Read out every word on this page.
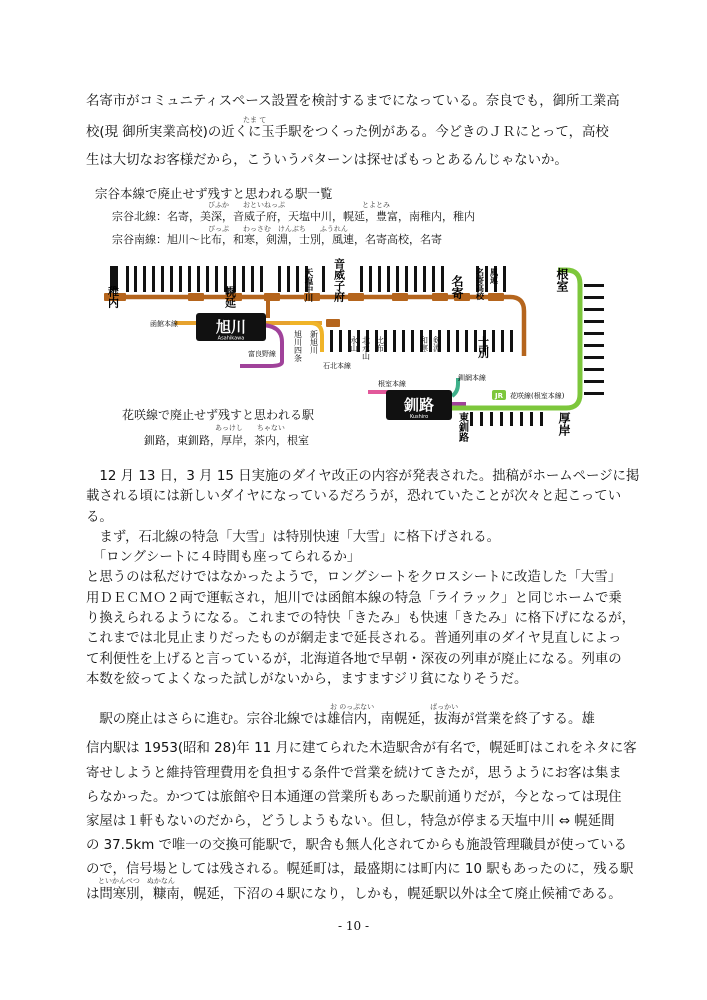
名寄市がコミュニティスペース設置を検討するまでになっている。奈良でも，御所工業高
たま て
校(現 御所実業高校)の近くに玉手駅をつくった例がある。今どきのＪＲにとって，高校
生は大切なお客様だから，こういうパターンは探せばもっとあるんじゃないか。
宗谷本線で廃止せず残すと思われる駅一覧
びふか　　おといねっぷ　　　　　　　　　　　とよとみ
宗谷北線：名寄，美深，音威子府，天塩中川，幌延，豊富，南稚内，稚内
ぴっぷ　　わっさむ　けんぶち　　ふうれん
宗谷南線：旭川～比布，和寒，剣淵，士別，風連，名寄高校，名寄
稚内	幌延	天塩中川 音威子府	名寄 名寄高校 風連
士別
剣淵
和寒
比布
北永山
永山
新旭川
旭川四条
旭川
Asahikawa
函館本線
富良野線
石北本線
根室
厚岸
東釧路
釧路
Kushiro
根室本線
釧網本線
JR 花咲線(根室本線)
花咲線で廃止せず残すと思われる駅
あっけし　　ちゃない
釧路，東釧路，厚岸，茶内，根室
　12 月 13 日，3 月 15 日実施のダイヤ改正の内容が発表された。拙稿がホームページに掲
載される頃には新しいダイヤになっているだろうが，恐れていたことが次々と起こってい
る。
　まず，石北線の特急「大雪」は特別快速「大雪」に格下げされる。
　「ロングシートに４時間も座ってられるか」
と思うのは私だけではなかったようで，ロングシートをクロスシートに改造した「大雪」
用ＤＥＣＭＯ２両で運転され，旭川では函館本線の特急「ライラック」と同じホームで乗
り換えられるようになる。これまでの特快「きたみ」も快速「きたみ」に格下げになるが，
これまでは北見止まりだったものが網走まで延長される。普通列車のダイヤ見直しによっ
て利便性を上げると言っているが，北海道各地で早朝・深夜の列車が廃止になる。列車の
本数を絞ってよくなった試しがないから，ますますジリ貧になりそうだ。
お のっぷない　　　　　　　　ばっかい
　駅の廃止はさらに進む。宗谷北線では雄信内，南幌延，抜海が営業を終了する。雄
信内駅は 1953(昭和 28)年 11 月に建てられた木造駅舎が有名で，幌延町はこれをネタに客
寄せしようと維持管理費用を負担する条件で営業を続けてきたが，思うようにお客は集ま
らなかった。かつては旅館や日本通運の営業所もあった駅前通りだが，今となっては現住
家屋は１軒もないのだから，どうしようもない。但し，特急が停まる天塩中川 ⇔ 幌延間
の 37.5km で唯一の交換可能駅で，駅舎も無人化されてからも施設管理職員が使っている
ので，信号場としては残される。幌延町は，最盛期には町内に 10 駅もあったのに，残る駅
といかんべつ　ぬかなん
は問寒別，糠南，幌延，下沼の４駅になり，しかも，幌延駅以外は全て廃止候補である。
- 10 -
